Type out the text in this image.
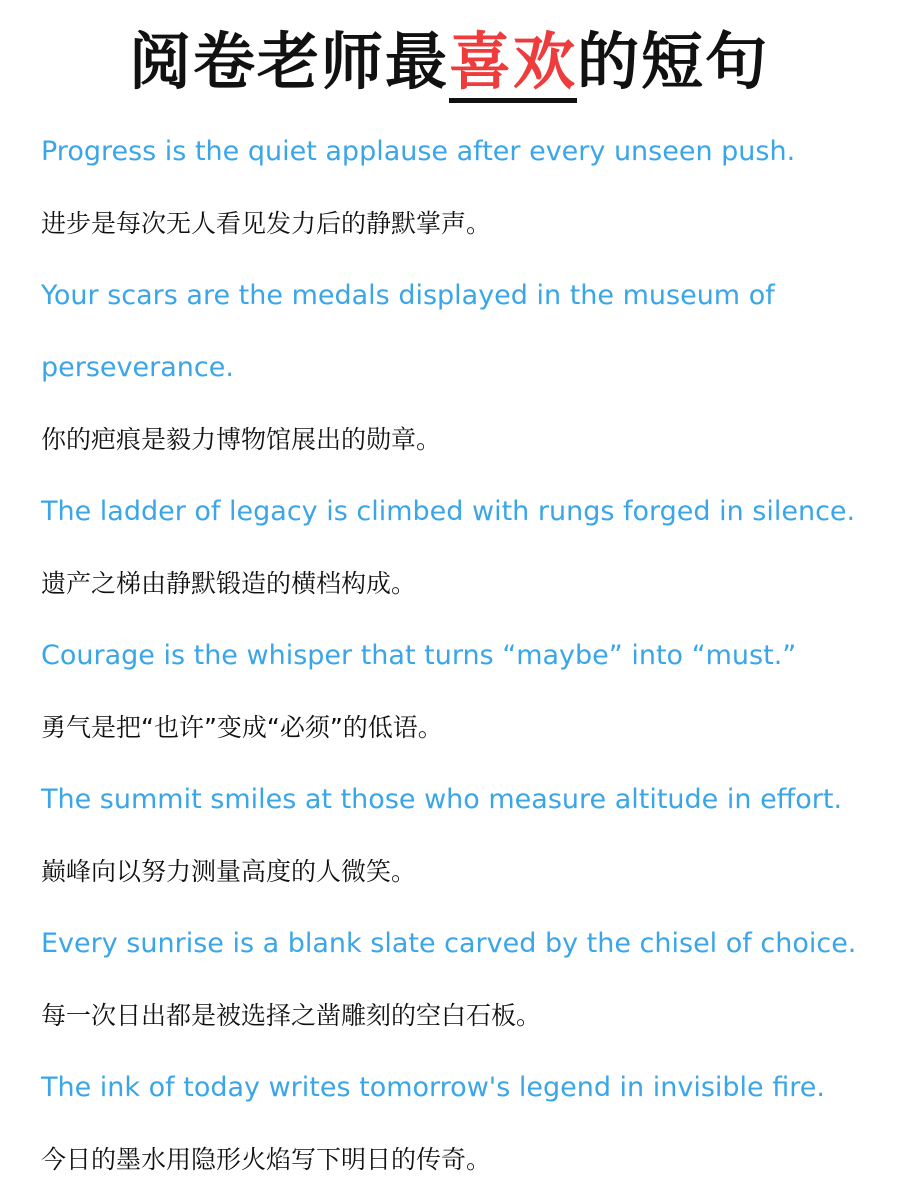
阅卷老师最喜欢的短句

Progress is the quiet applause after every unseen push.

进步是每次无人看见发力后的静默掌声。

Your scars are the medals displayed in the museum of perseverance.

你的疤痕是毅力博物馆展出的勋章。

The ladder of legacy is climbed with rungs forged in silence.

遗产之梯由静默锻造的横档构成。

Courage is the whisper that turns “maybe” into “must.”

勇气是把“也许”变成“必须”的低语。

The summit smiles at those who measure altitude in effort.

巅峰向以努力测量高度的人微笑。

Every sunrise is a blank slate carved by the chisel of choice.

每一次日出都是被选择之凿雕刻的空白石板。

The ink of today writes tomorrow's legend in invisible fire.

今日的墨水用隐形火焰写下明日的传奇。
